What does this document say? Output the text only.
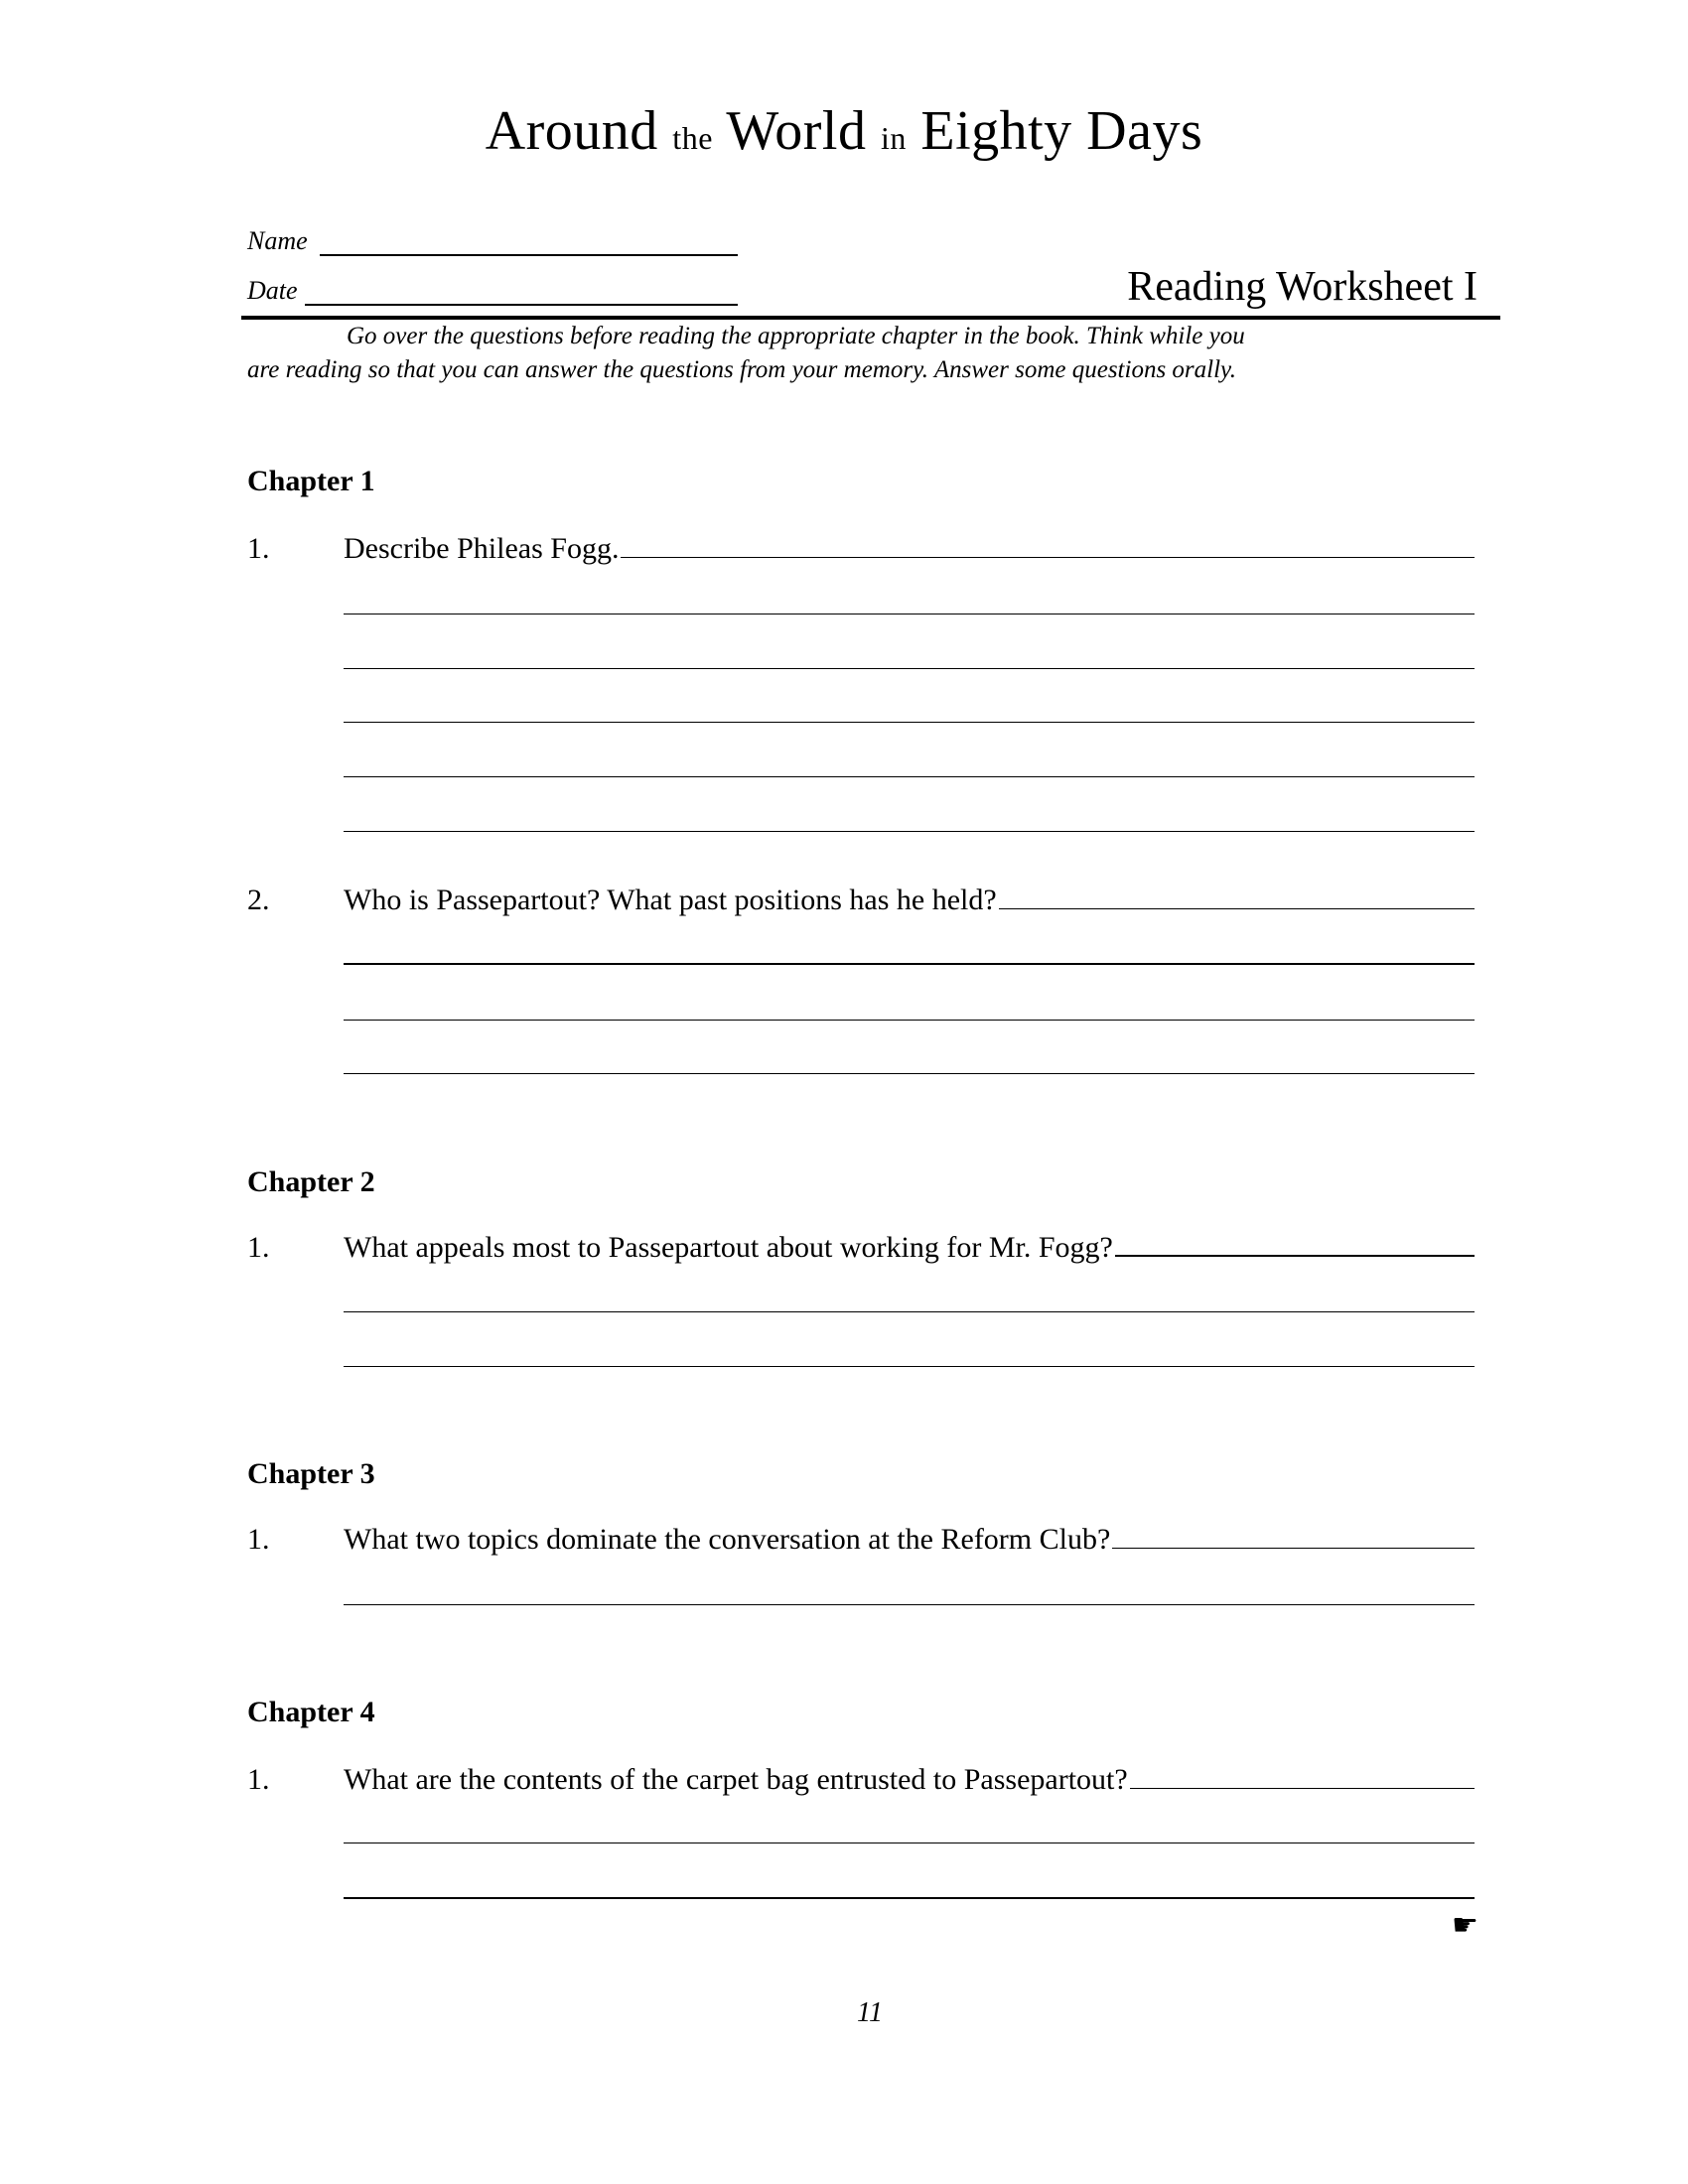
Around the World in Eighty Days
Name
Date	Reading Worksheet I

Go over the questions before reading the appropriate chapter in the book. Think while you

are reading so that you can answer the questions from your memory. Answer some questions orally.

Chapter 1
1. Describe Phileas Fogg.
2. Who is Passepartout? What past positions has he held?
Chapter 2
1. What appeals most to Passepartout about working for Mr. Fogg?
Chapter 3
1. What two topics dominate the conversation at the Reform Club?
Chapter 4
1. What are the contents of the carpet bag entrusted to Passepartout?
☛
11
